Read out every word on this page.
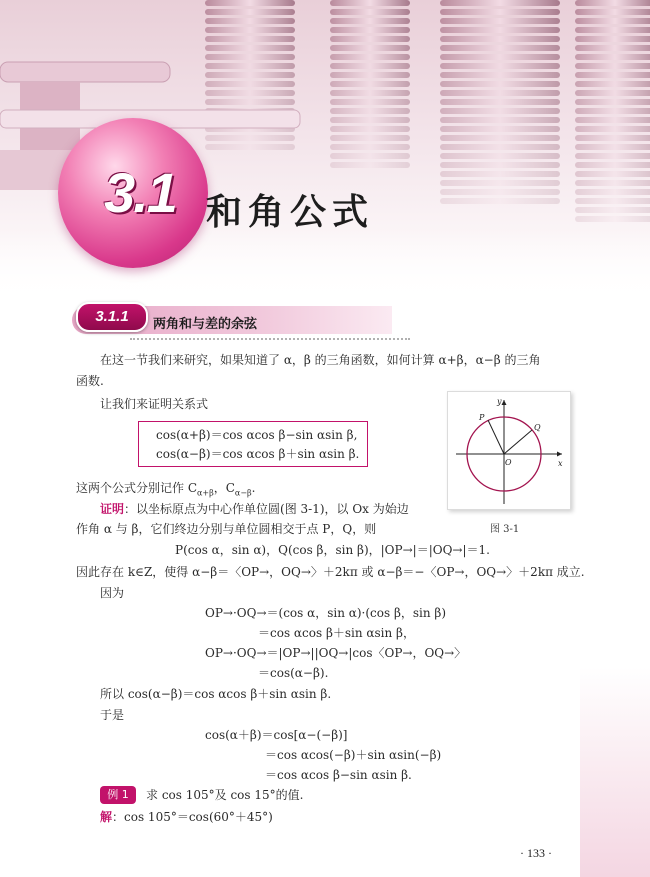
3.1 和角公式
3.1.1	两角和与差的余弦
在这一节我们来研究，如果知道了 α，β 的三角函数，如何计算 α+β，α−β 的三角
函数.
让我们来证明关系式
cos(α+β)＝cos αcos β−sin αsin β,
cos(α−β)＝cos αcos β＋sin αsin β.
y
x
O
P
Q
图 3-1
这两个公式分别记作 $C_{\alpha+\beta}$，$C_{\alpha-\beta}$.
证明：以坐标原点为中心作单位圆(图 3-1)，以 Ox 为始边
作角 α 与 β，它们终边分别与单位圆相交于点 P，Q，则
P(cos α，sin α)，Q(cos β，sin β)，|OP→|＝|OQ→|＝1.
因此存在 k∈Z，使得 α−β＝〈OP→，OQ→〉＋2kπ 或 α−β＝−〈OP→，OQ→〉＋2kπ 成立.
因为
OP→·OQ→＝(cos α，sin α)·(cos β，sin β)
＝cos αcos β＋sin αsin β，
OP→·OQ→＝|OP→||OQ→|cos〈OP→，OQ→〉
＝cos(α−β).
所以 cos(α−β)＝cos αcos β＋sin αsin β.
于是
cos(α＋β)＝cos[α−(−β)]
＝cos αcos(−β)＋sin αsin(−β)
＝cos αcos β−sin αsin β.
例 1	求 cos 105°及 cos 15°的值.
解：cos 105°＝cos(60°＋45°)
· 133 ·
